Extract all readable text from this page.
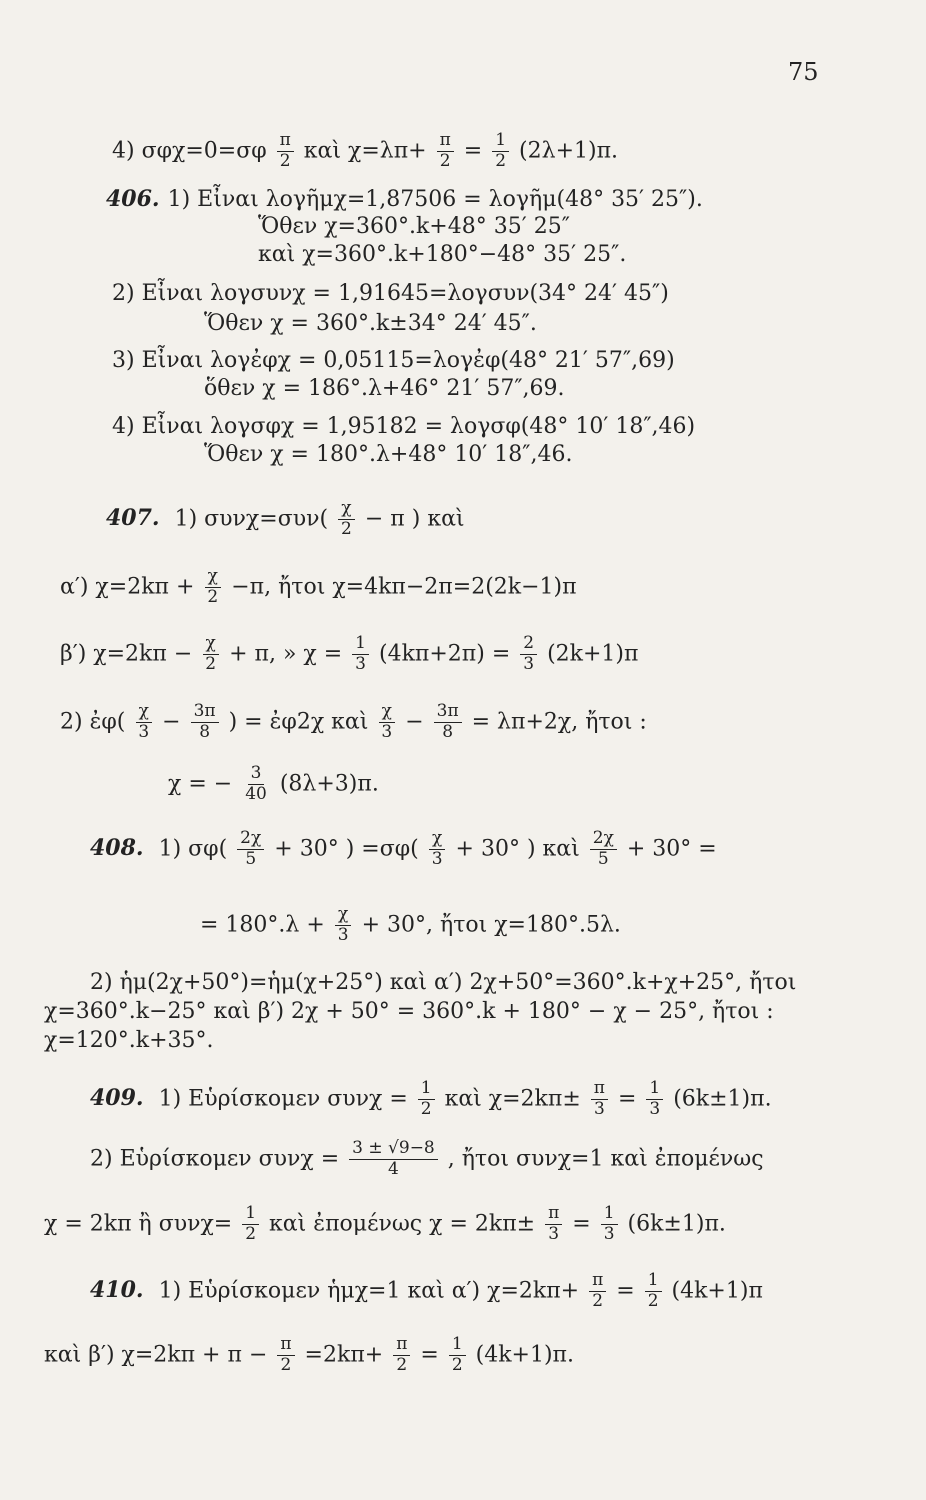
75
4) $\sigma\varphi\chi=0=\sigma\varphi \frac{\pi}{2}$ καὶ $\chi=\lambda\pi+ \frac{\pi}{2} = \frac{1}{2} (2\lambda+1)\pi$.
406. 1) Εἶναι λογῆμχ=1,87506 = λογῆμ(48° 35′ 25″).
Ὅθεν χ=360°.k+48° 35′ 25″
καὶ χ=360°.k+180°−48° 35′ 25″.
2) Εἶναι λογσυνχ = 1,91645=λογσυν(34° 24′ 45″)
Ὅθεν χ = 360°.k±34° 24′ 45″.
3) Εἶναι λογἐφχ = 0,05115=λογἐφ(48° 21′ 57″,69)
ὅθεν χ = 186°.λ+46° 21′ 57″,69.
4) Εἶναι λογσφχ = 1,95182 = λογσφ(48° 10′ 18″,46)
Ὅθεν χ = 180°.λ+48° 10′ 18″,46.
407. 1) $\sigma\upsilon\nu\chi=\sigma\upsilon\nu( \frac{\chi}{2} - \pi$ ) καὶ
α′) $\chi=2k\pi + \frac{\chi}{2} -\pi$, ἤτοι χ=4kπ−2π=2(2k−1)π
β′) $\chi=2k\pi - \frac{\chi}{2} + \pi$, » $\chi = \frac{1}{3} (4k\pi+2\pi) = \frac{2}{3} (2k+1)\pi$
2) ἐφ( $\frac{\chi}{3} - \frac{3\pi}{8}$ ) = ἐφ2χ καὶ $\frac{\chi}{3} - \frac{3\pi}{8} = \lambda\pi+2\chi$, ἤτοι :
χ = − $\frac{3}{40} (8\lambda+3)\pi$.
408. 1) $\sigma\varphi( \frac{2\chi}{5} + 30^\circ$ ) $=\sigma\varphi( \frac{\chi}{3} + 30^\circ$ ) καὶ $\frac{2\chi}{5} + 30^\circ$ =
= $180^\circ.\lambda + \frac{\chi}{3} + 30^\circ$, ἤτοι χ=180°.5λ.
2) ἡμ(2χ+50°)=ἡμ(χ+25°) καὶ α′) 2χ+50°=360°.k+χ+25°, ἤτοι
χ=360°.k−25° καὶ β′) 2χ + 50° = 360°.k + 180° − χ − 25°, ἤτοι :
χ=120°.k+35°.
409. 1) Εὑρίσκομεν $\sigma\upsilon\nu\chi = \frac{1}{2}$ καὶ $\chi=2k\pi\pm \frac{\pi}{3} = \frac{1}{3} (6k\pm 1)\pi$.
2) Εὑρίσκομεν $\sigma\upsilon\nu\chi = \frac{3 \pm √9-8}{4}$ , ἤτοι συνχ=1 καὶ ἐπομένως
χ = 2kπ ἢ $\sigma\upsilon\nu\chi= \frac{1}{2}$ καὶ ἐπομένως $\chi = 2k\pi\pm \frac{\pi}{3} = \frac{1}{3} (6k\pm 1)\pi$.
410. 1) Εὑρίσκομεν ἡμχ=1 καὶ α′) $\chi=2k\pi+ \frac{\pi}{2} = \frac{1}{2} (4k+1)\pi$
καὶ β′) $\chi=2k\pi + \pi - \frac{\pi}{2} =2k\pi+ \frac{\pi}{2} = \frac{1}{2} (4k+1)\pi$.
